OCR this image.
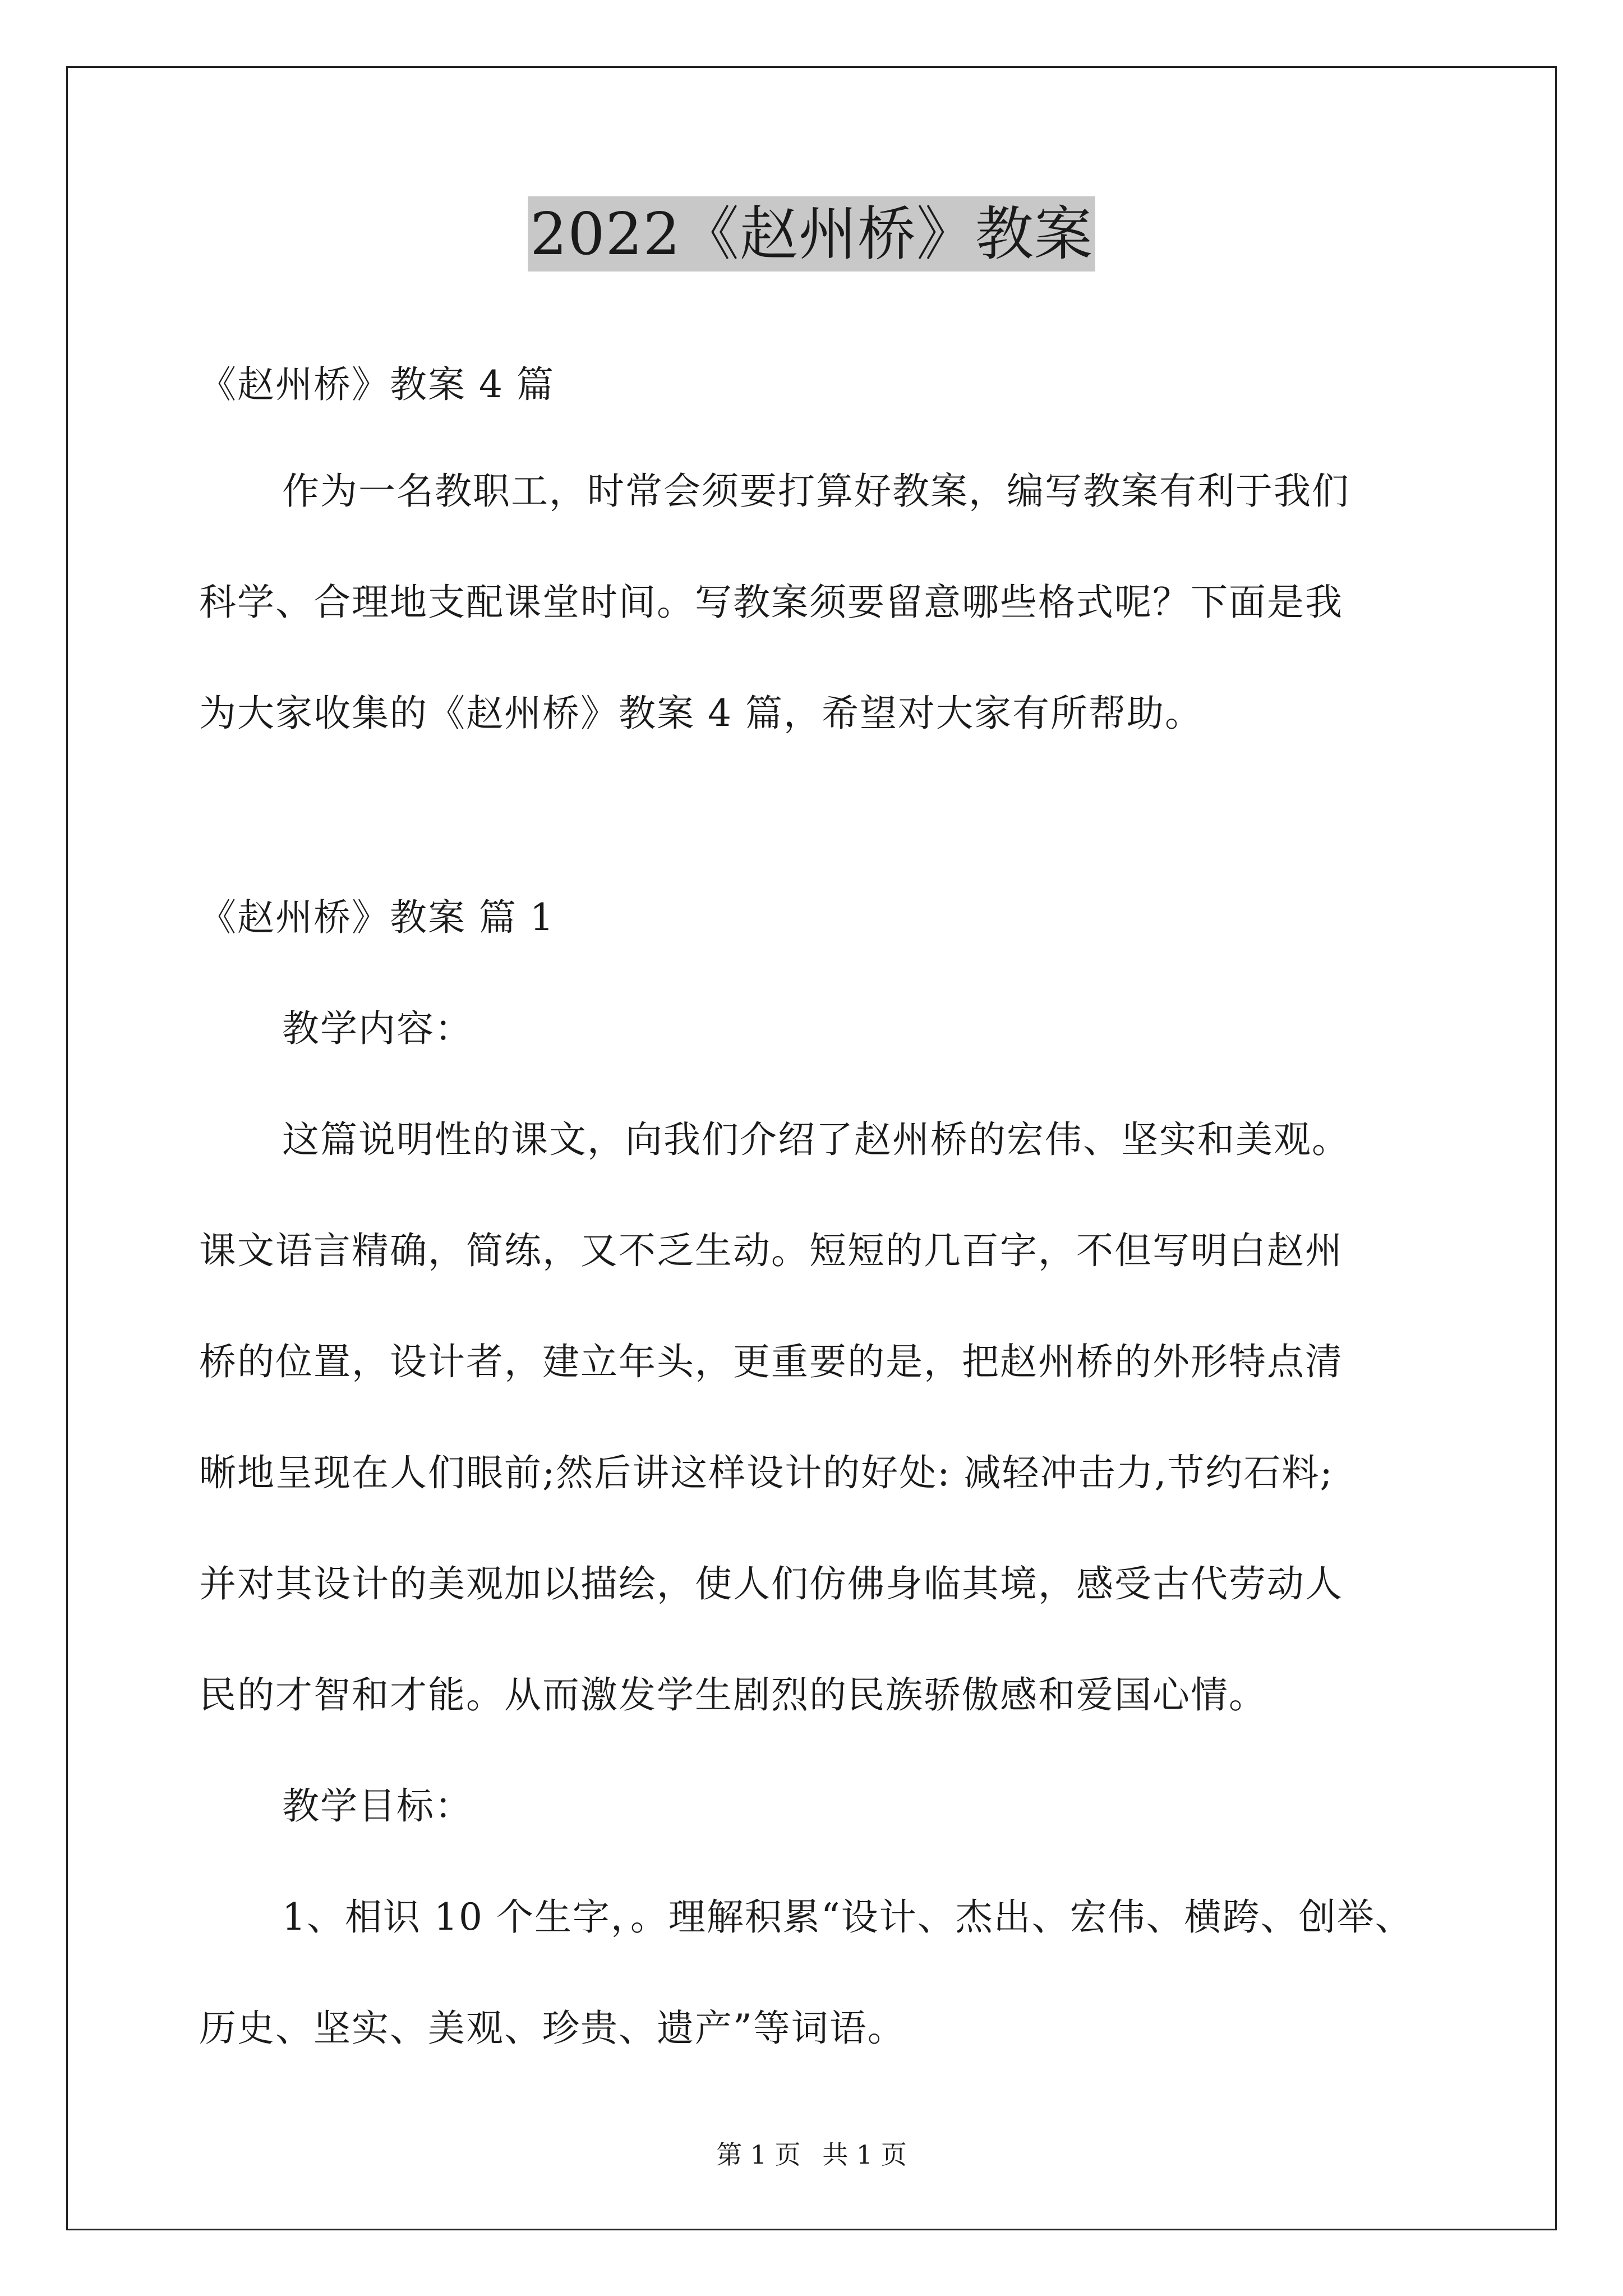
2022《赵州桥》教案
《赵州桥》教案 4 篇
作为一名教职工，时常会须要打算好教案，编写教案有利于我们
科学、合理地支配课堂时间。写教案须要留意哪些格式呢？下面是我
为大家收集的《赵州桥》教案 4 篇，希望对大家有所帮助。
《赵州桥》教案 篇 1
教学内容：
这篇说明性的课文，向我们介绍了赵州桥的宏伟、坚实和美观。
课文语言精确，简练，又不乏生动。短短的几百字，不但写明白赵州
桥的位置，设计者，建立年头，更重要的是，把赵州桥的外形特点清
晰地呈现在人们眼前;然后讲这样设计的好处: 减轻冲击力,节约石料;
并对其设计的美观加以描绘，使人们仿佛身临其境，感受古代劳动人
民的才智和才能。从而激发学生剧烈的民族骄傲感和爱国心情。
教学目标：
1、相识 10 个生字，。理解积累“设计、杰出、宏伟、横跨、创举、
历史、坚实、美观、珍贵、遗产”等词语。
第 1 页 共 1 页
